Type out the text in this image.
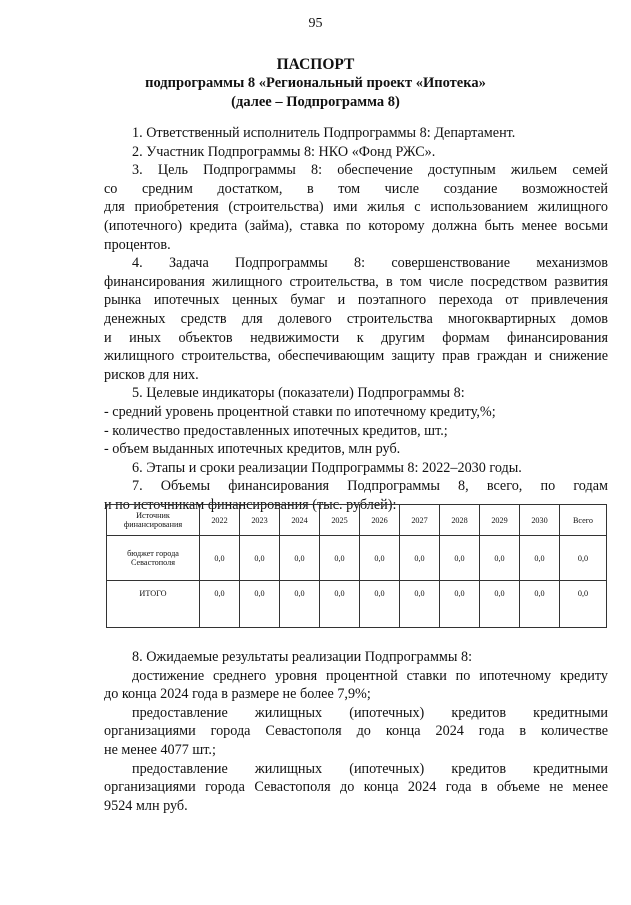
95
ПАСПОРТ
подпрограммы 8 «Региональный проект «Ипотека»
(далее – Подпрограмма 8)

1. Ответственный исполнитель Подпрограммы 8: Департамент.

2. Участник Подпрограммы 8: НКО «Фонд РЖС».

3. Цель Подпрограммы 8: обеспечение доступным жильем семей

со средним достатком, в том числе создание возможностей

для приобретения (строительства) ими жилья с использованием жилищного

(ипотечного) кредита (займа), ставка по которому должна быть менее восьми

процентов.

4. Задача Подпрограммы 8: совершенствование механизмов

финансирования жилищного строительства, в том числе посредством развития

рынка ипотечных ценных бумаг и поэтапного перехода от привлечения

денежных средств для долевого строительства многоквартирных домов

и иных объектов недвижимости к другим формам финансирования

жилищного строительства, обеспечивающим защиту прав граждан и снижение

рисков для них.

5. Целевые индикаторы (показатели) Подпрограммы 8:

- средний уровень процентной ставки по ипотечному кредиту,%;

- количество предоставленных ипотечных кредитов, шт.;

- объем выданных ипотечных кредитов, млн руб.

6. Этапы и сроки реализации Подпрограммы 8: 2022–2030 годы.

7. Объемы финансирования Подпрограммы 8, всего, по годам

и по источникам финансирования (тыс. рублей):

Источник финансирования	2022	2023	2024	2025	2026	2027	2028	2029	2030	Всего
бюджет города Севастополя	0,0	0,0	0,0	0,0	0,0	0,0	0,0	0,0	0,0	0,0
ИТОГО	0,0	0,0	0,0	0,0	0,0	0,0	0,0	0,0	0,0	0,0

8. Ожидаемые результаты реализации Подпрограммы 8:

достижение среднего уровня процентной ставки по ипотечному кредиту

до конца 2024 года в размере не более 7,9%;

предоставление жилищных (ипотечных) кредитов кредитными

организациями города Севастополя до конца 2024 года в количестве

не менее 4077 шт.;

предоставление жилищных (ипотечных) кредитов кредитными

организациями города Севастополя до конца 2024 года в объеме не менее

9524 млн руб.
